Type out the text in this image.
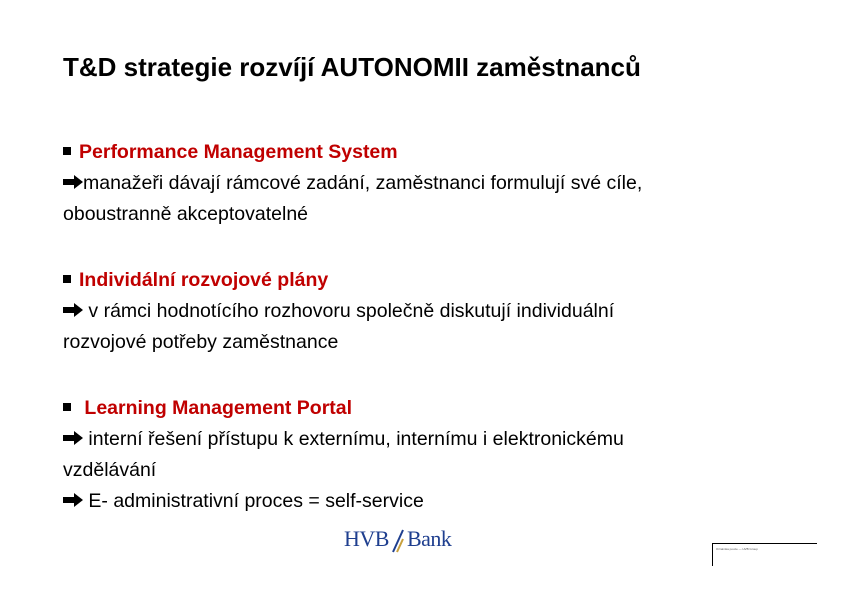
T&D strategie rozvíjí AUTONOMII zaměstnanců
Performance Management System
manažeři dávají rámcové zadání, zaměstnanci formulují své cíle,
oboustranně akceptovatelné
Individální rozvojové plány
v rámci hodnotícího rozhovoru společně diskutují individuální
rozvojové potřeby zaměstnance
Learning Management Portal
interní řešení přístupu k externímu, internímu i elektronickému
vzdělávání
E- administrativní proces = self-service
HVB Bank	Oznámka pouze — HVB Group
